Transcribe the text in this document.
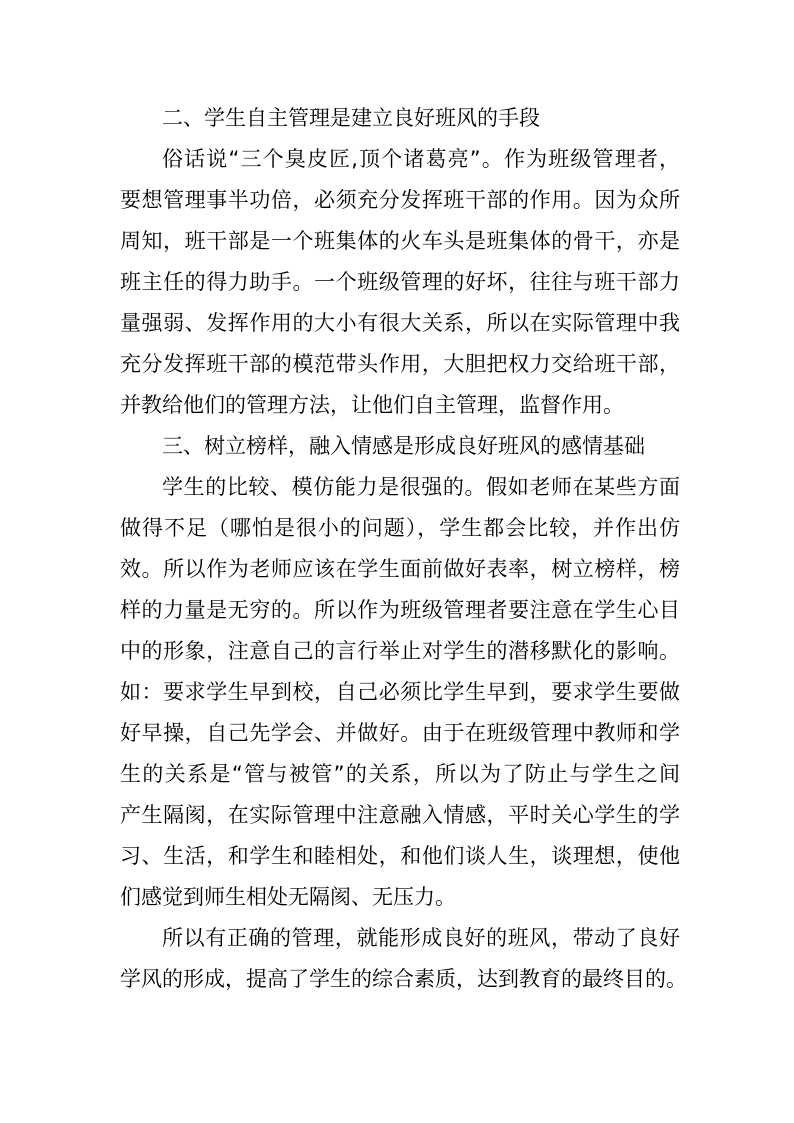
二、学生自主管理是建立良好班风的手段
俗话说“三个臭皮匠,顶个诸葛亮”。作为班级管理者，
要想管理事半功倍，必须充分发挥班干部的作用。因为众所
周知，班干部是一个班集体的火车头是班集体的骨干，亦是
班主任的得力助手。一个班级管理的好坏，往往与班干部力
量强弱、发挥作用的大小有很大关系，所以在实际管理中我
充分发挥班干部的模范带头作用，大胆把权力交给班干部，
并教给他们的管理方法，让他们自主管理，监督作用。
三、树立榜样，融入情感是形成良好班风的感情基础
学生的比较、模仿能力是很强的。假如老师在某些方面
做得不足（哪怕是很小的问题），学生都会比较，并作出仿
效。所以作为老师应该在学生面前做好表率，树立榜样，榜
样的力量是无穷的。所以作为班级管理者要注意在学生心目
中的形象，注意自己的言行举止对学生的潜移默化的影响。
如：要求学生早到校，自己必须比学生早到，要求学生要做
好早操，自己先学会、并做好。由于在班级管理中教师和学
生的关系是“管与被管”的关系，所以为了防止与学生之间
产生隔阂，在实际管理中注意融入情感，平时关心学生的学
习、生活，和学生和睦相处，和他们谈人生，谈理想，使他
们感觉到师生相处无隔阂、无压力。
所以有正确的管理，就能形成良好的班风，带动了良好
学风的形成，提高了学生的综合素质，达到教育的最终目的。
